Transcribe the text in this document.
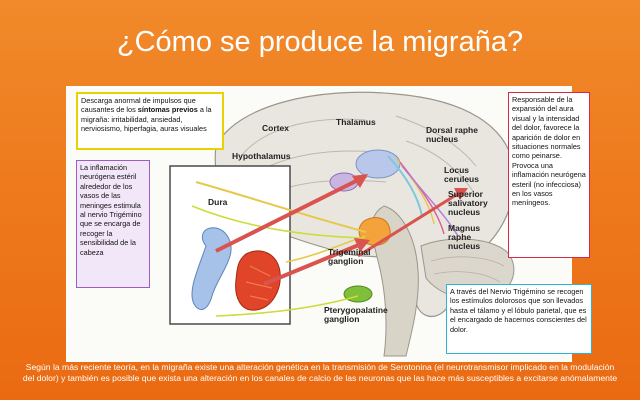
¿Cómo se produce la migraña?
Cortex
Thalamus
Hypothalamus
Dorsal raphe
nucleus
Locus
ceruleus
Superior
salivatory
nucleus
Magnus
raphe
nucleus
Dura
Trigeminal
ganglion
Pterygopalatine
ganglion
Descarga anormal de impulsos que causantes de los síntomas previos a la migraña: irritabilidad, ansiedad, nerviosismo, hiperfagia, auras visuales
La inflamación neurógena estéril alrededor de los vasos de las meninges estimula al nervio Trigémino que se encarga de recoger la sensibilidad de la cabeza
Responsable de la expansión del aura visual y la intensidad del dolor, favorece la aparición de dolor en situaciones normales como peinarse.
Provoca una inflamación neurógena esteril (no infecciosa) en los vasos meníngeos.
A través del Nervio Trigémino se recogen los estímulos dolorosos que son llevados hasta el tálamo y el lóbulo parietal, que es el encargado de hacernos conscientes del dolor.
Según la más reciente teoría, en la migraña existe una alteración genética en la transmisión de Serotonina (el neurotransmisor implicado en la modulación del dolor) y también es posible que exista una alteración en los canales de calcio de las neuronas que las hace más susceptibles a excitarse anómalamente
